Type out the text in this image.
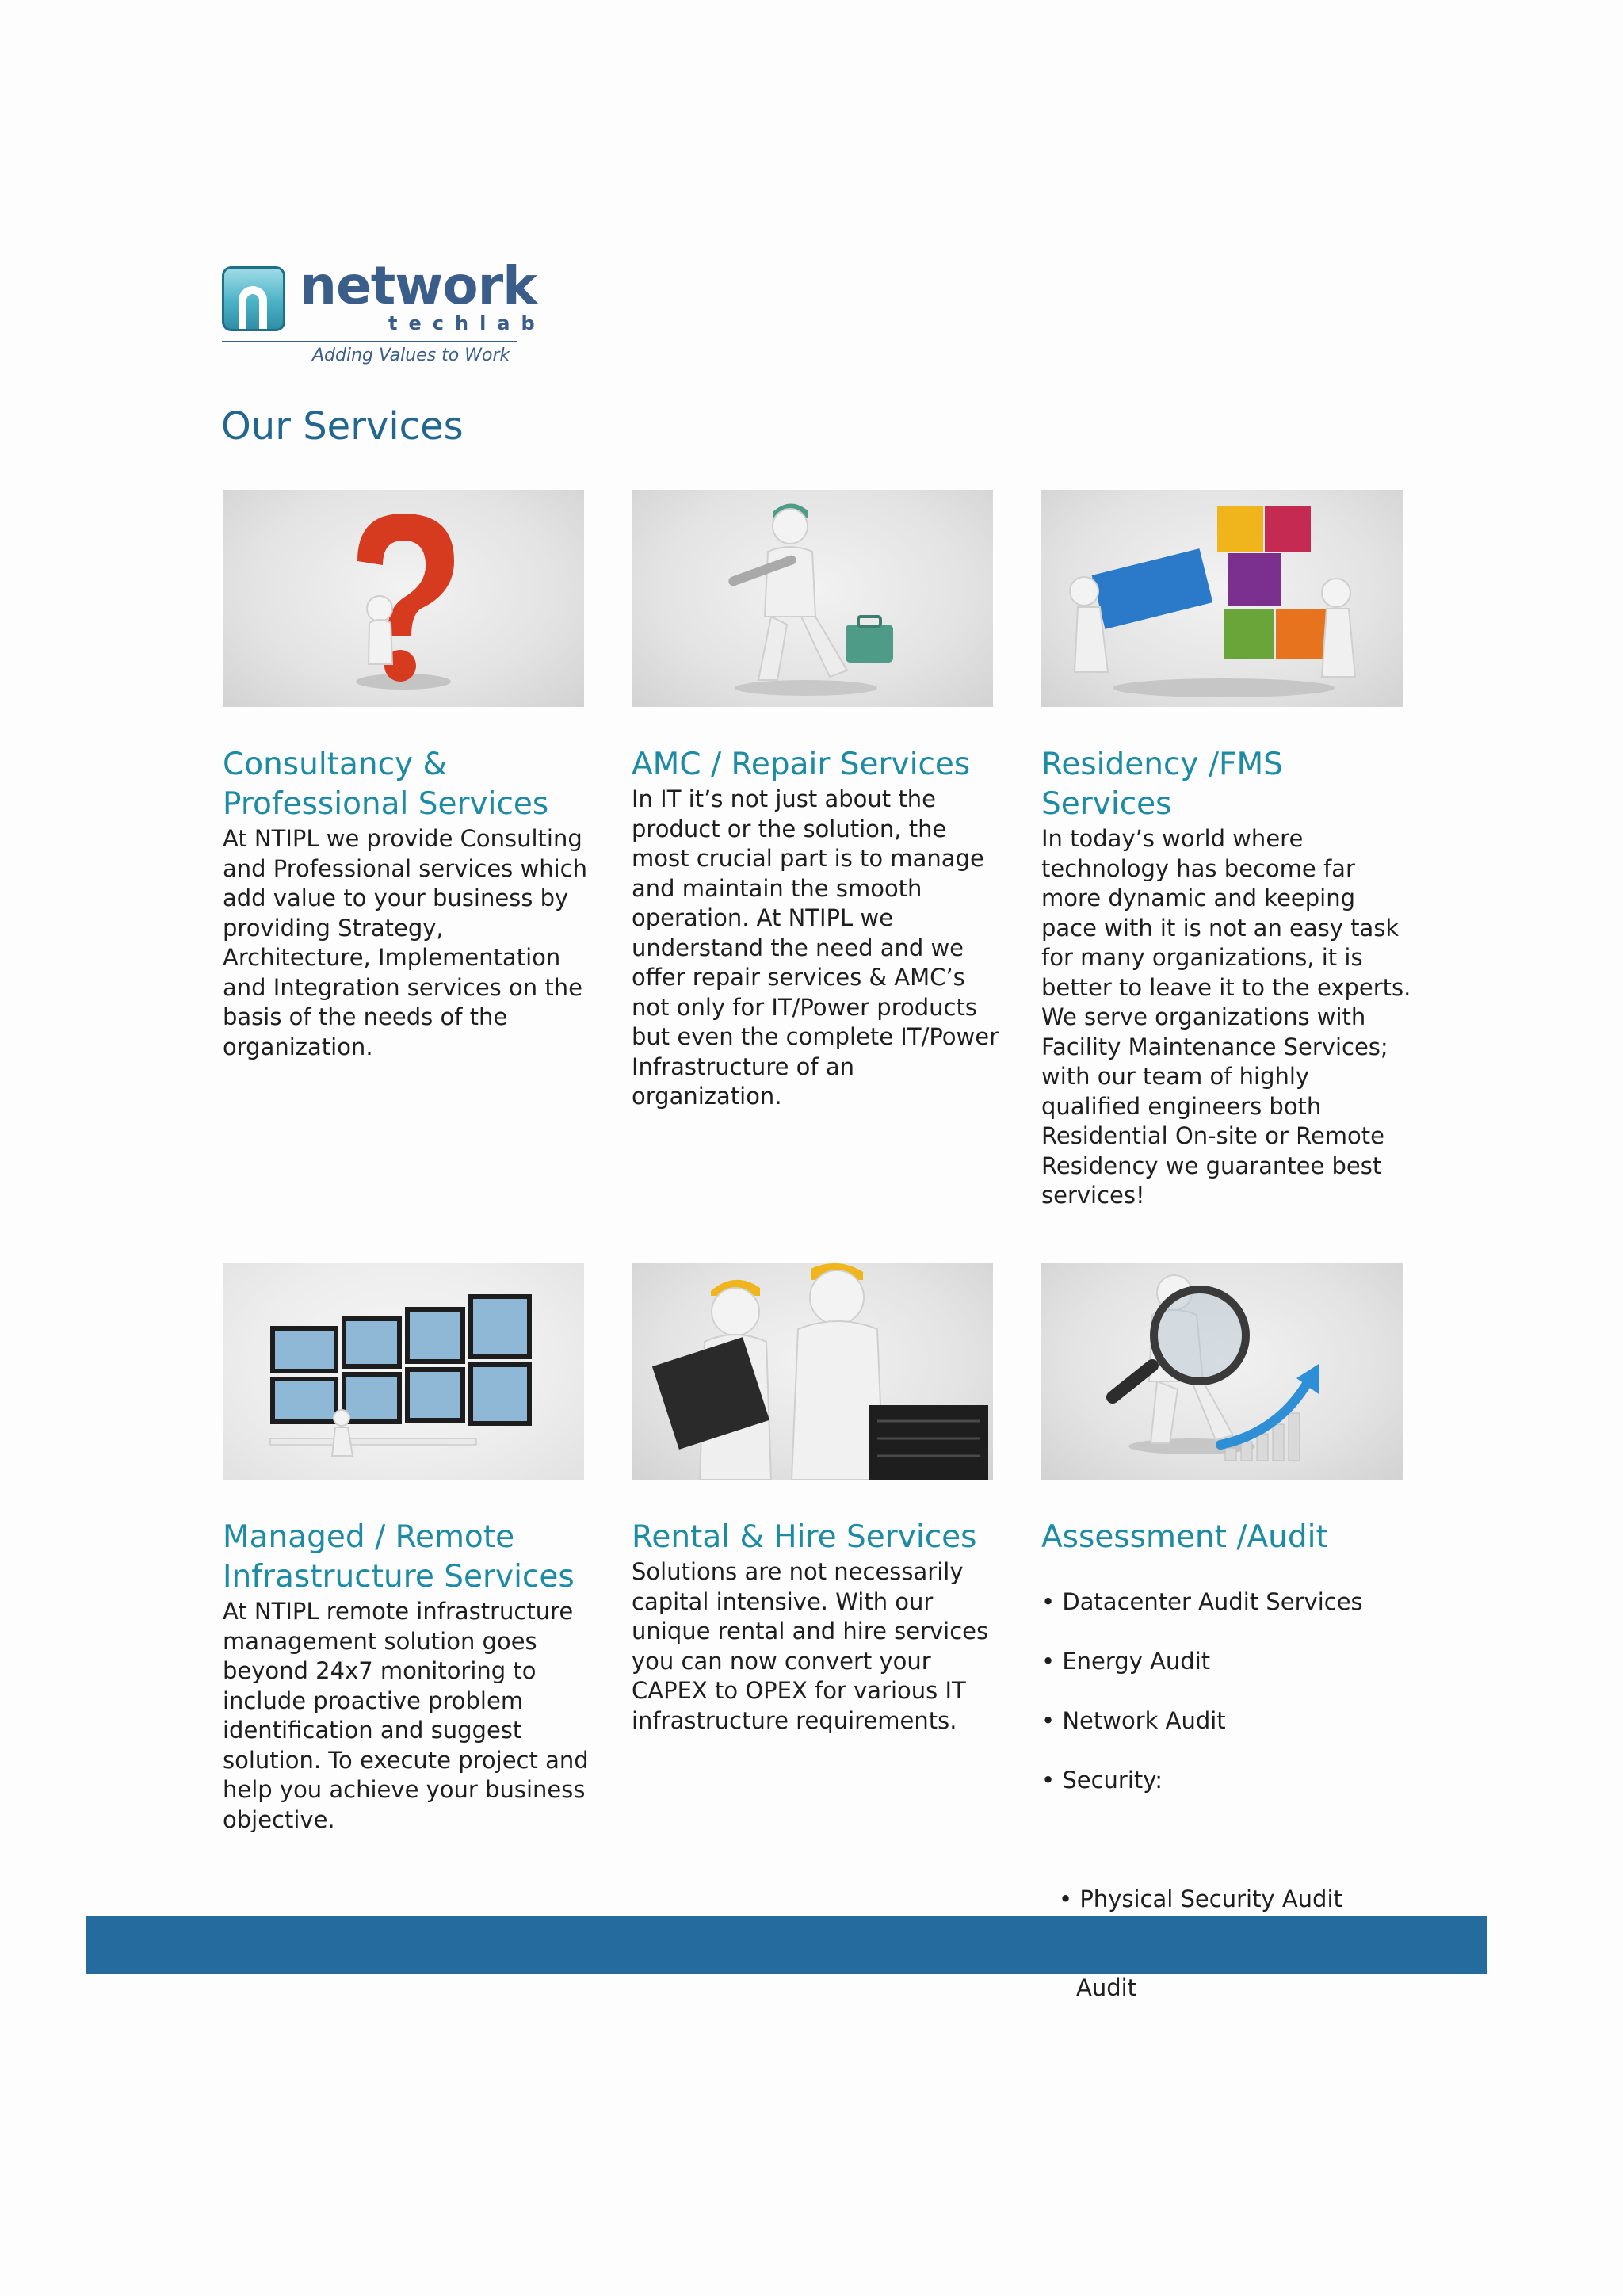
network
techlab
Adding Values to Work
Our Services
Consultancy & Professional Services

At NTIPL we provide Consulting and Professional services which add value to your business by providing Strategy, Architecture, Implementation and Integration services on the basis of the needs of the organization.

AMC / Repair Services

In IT it’s not just about the product or the solution, the most crucial part is to manage and maintain the smooth operation. At NTIPL we understand the need and we offer repair services & AMC’s not only for IT/Power products but even the complete IT/Power Infrastructure of an organization.

Residency /FMS Services

In today’s world where technology has become far more dynamic and keeping pace with it is not an easy task for many organizations, it is better to leave it to the experts. We serve organizations with Facility Maintenance Services; with our team of highly qualified engineers both Residential On-site or Remote Residency we guarantee best services!

Managed / Remote Infrastructure Services

At NTIPL remote infrastructure management solution goes beyond 24x7 monitoring to include proactive problem identification and suggest solution. To execute project and help you achieve your business objective.

Rental & Hire Services

Solutions are not necessarily capital intensive. With our unique rental and hire services you can now convert your CAPEX to OPEX for various IT infrastructure requirements.

Assessment /Audit

• Datacenter Audit Services

• Energy Audit

• Network Audit

• Security:

• Physical Security Audit

Audit
